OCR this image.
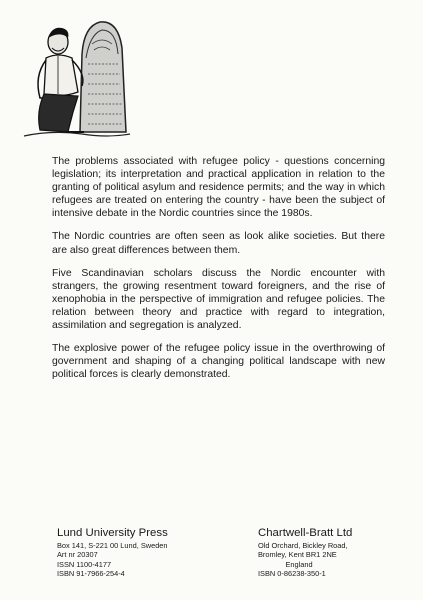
The problems associated with refugee policy - questions concerning legislation; its interpretation and practical application in relation to the granting of political asylum and residence permits; and the way in which refugees are treated on entering the country - have been the subject of intensive debate in the Nordic countries since the 1980s.

The Nordic countries are often seen as look alike societies. But there are also great differences between them.

Five Scandinavian scholars discuss the Nordic encounter with strangers, the growing resentment toward foreigners, and the rise of xenophobia in the perspective of immigration and refugee policies. The relation between theory and practice with regard to integration, assimilation and segregation is analyzed.

The explosive power of the refugee policy issue in the overthrowing of government and shaping of a changing political landscape with new political forces is clearly demonstrated.

Lund University Press
Box 141, S-221 00 Lund, Sweden
Art nr 20307
ISSN 1100-4177
ISBN 91-7966-254-4
Chartwell-Bratt Ltd
Old Orchard, Bickley Road,
Bromley, Kent BR1 2NE
England
ISBN 0-86238-350-1
